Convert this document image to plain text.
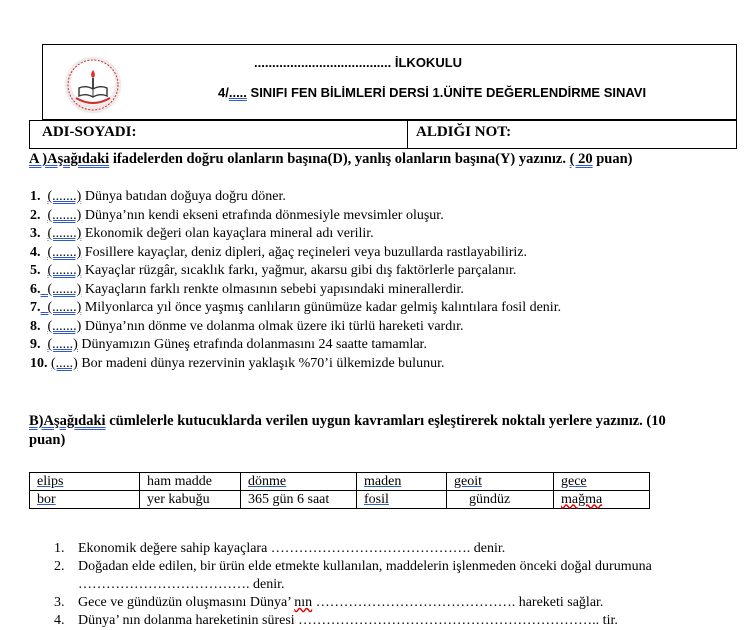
...................................... İLKOKULU
4/..... SINIFI FEN BİLİMLERİ DERSİ 1.ÜNİTE DEĞERLENDİRME SINAVI
ADI-SOYADI:	ALDIĞI NOT:
A )Aşağıdaki ifadelerden doğru olanların başına(D), yanlış olanların başına(Y) yazınız. ( 20 puan)
1. (.......) Dünya batıdan doğuya doğru döner.
2. (.......) Dünya’nın kendi ekseni etrafında dönmesiyle mevsimler oluşur.
3. (.......) Ekonomik değeri olan kayaçlara mineral adı verilir.
4. (.......) Fosillere kayaçlar, deniz dipleri, ağaç reçineleri veya buzullarda rastlayabiliriz.
5. (.......) Kayaçlar rüzgâr, sıcaklık farkı, yağmur, akarsu gibi dış faktörlerle parçalanır.
6. (.......) Kayaçların farklı renkte olmasının sebebi yapısındaki minerallerdir.
7. (.......) Milyonlarca yıl önce yaşmış canlıların günümüze kadar gelmiş kalıntılara fosil denir.
8. (.......) Dünya’nın dönme ve dolanma olmak üzere iki türlü hareketi vardır.
9. (......) Dünyamızın Güneş etrafında dolanmasını 24 saatte tamamlar.
10. (.....) Bor madeni dünya rezervinin yaklaşık %70’i ülkemizde bulunur.
B)Aşağıdaki cümlelerle kutucuklarda verilen uygun kavramları eşleştirerek noktalı yerlere yazınız. (10
puan)
elips	ham madde	dönme	maden	geoit	gece
bor	yer kabuğu	365 gün 6 saat	fosil	gündüz	mağma
1. Ekonomik değere sahip kayaçlara ……………………………………. denir.
2. Doğadan elde edilen, bir ürün elde etmekte kullanılan, maddelerin işlenmeden önceki doğal durumuna
………………………………. denir.
3. Gece ve gündüzün oluşmasını Dünya’ nın ……………………………………. hareketi sağlar.
4. Dünya’ nın dolanma hareketinin süresi ……………………………………………………….. tir.
